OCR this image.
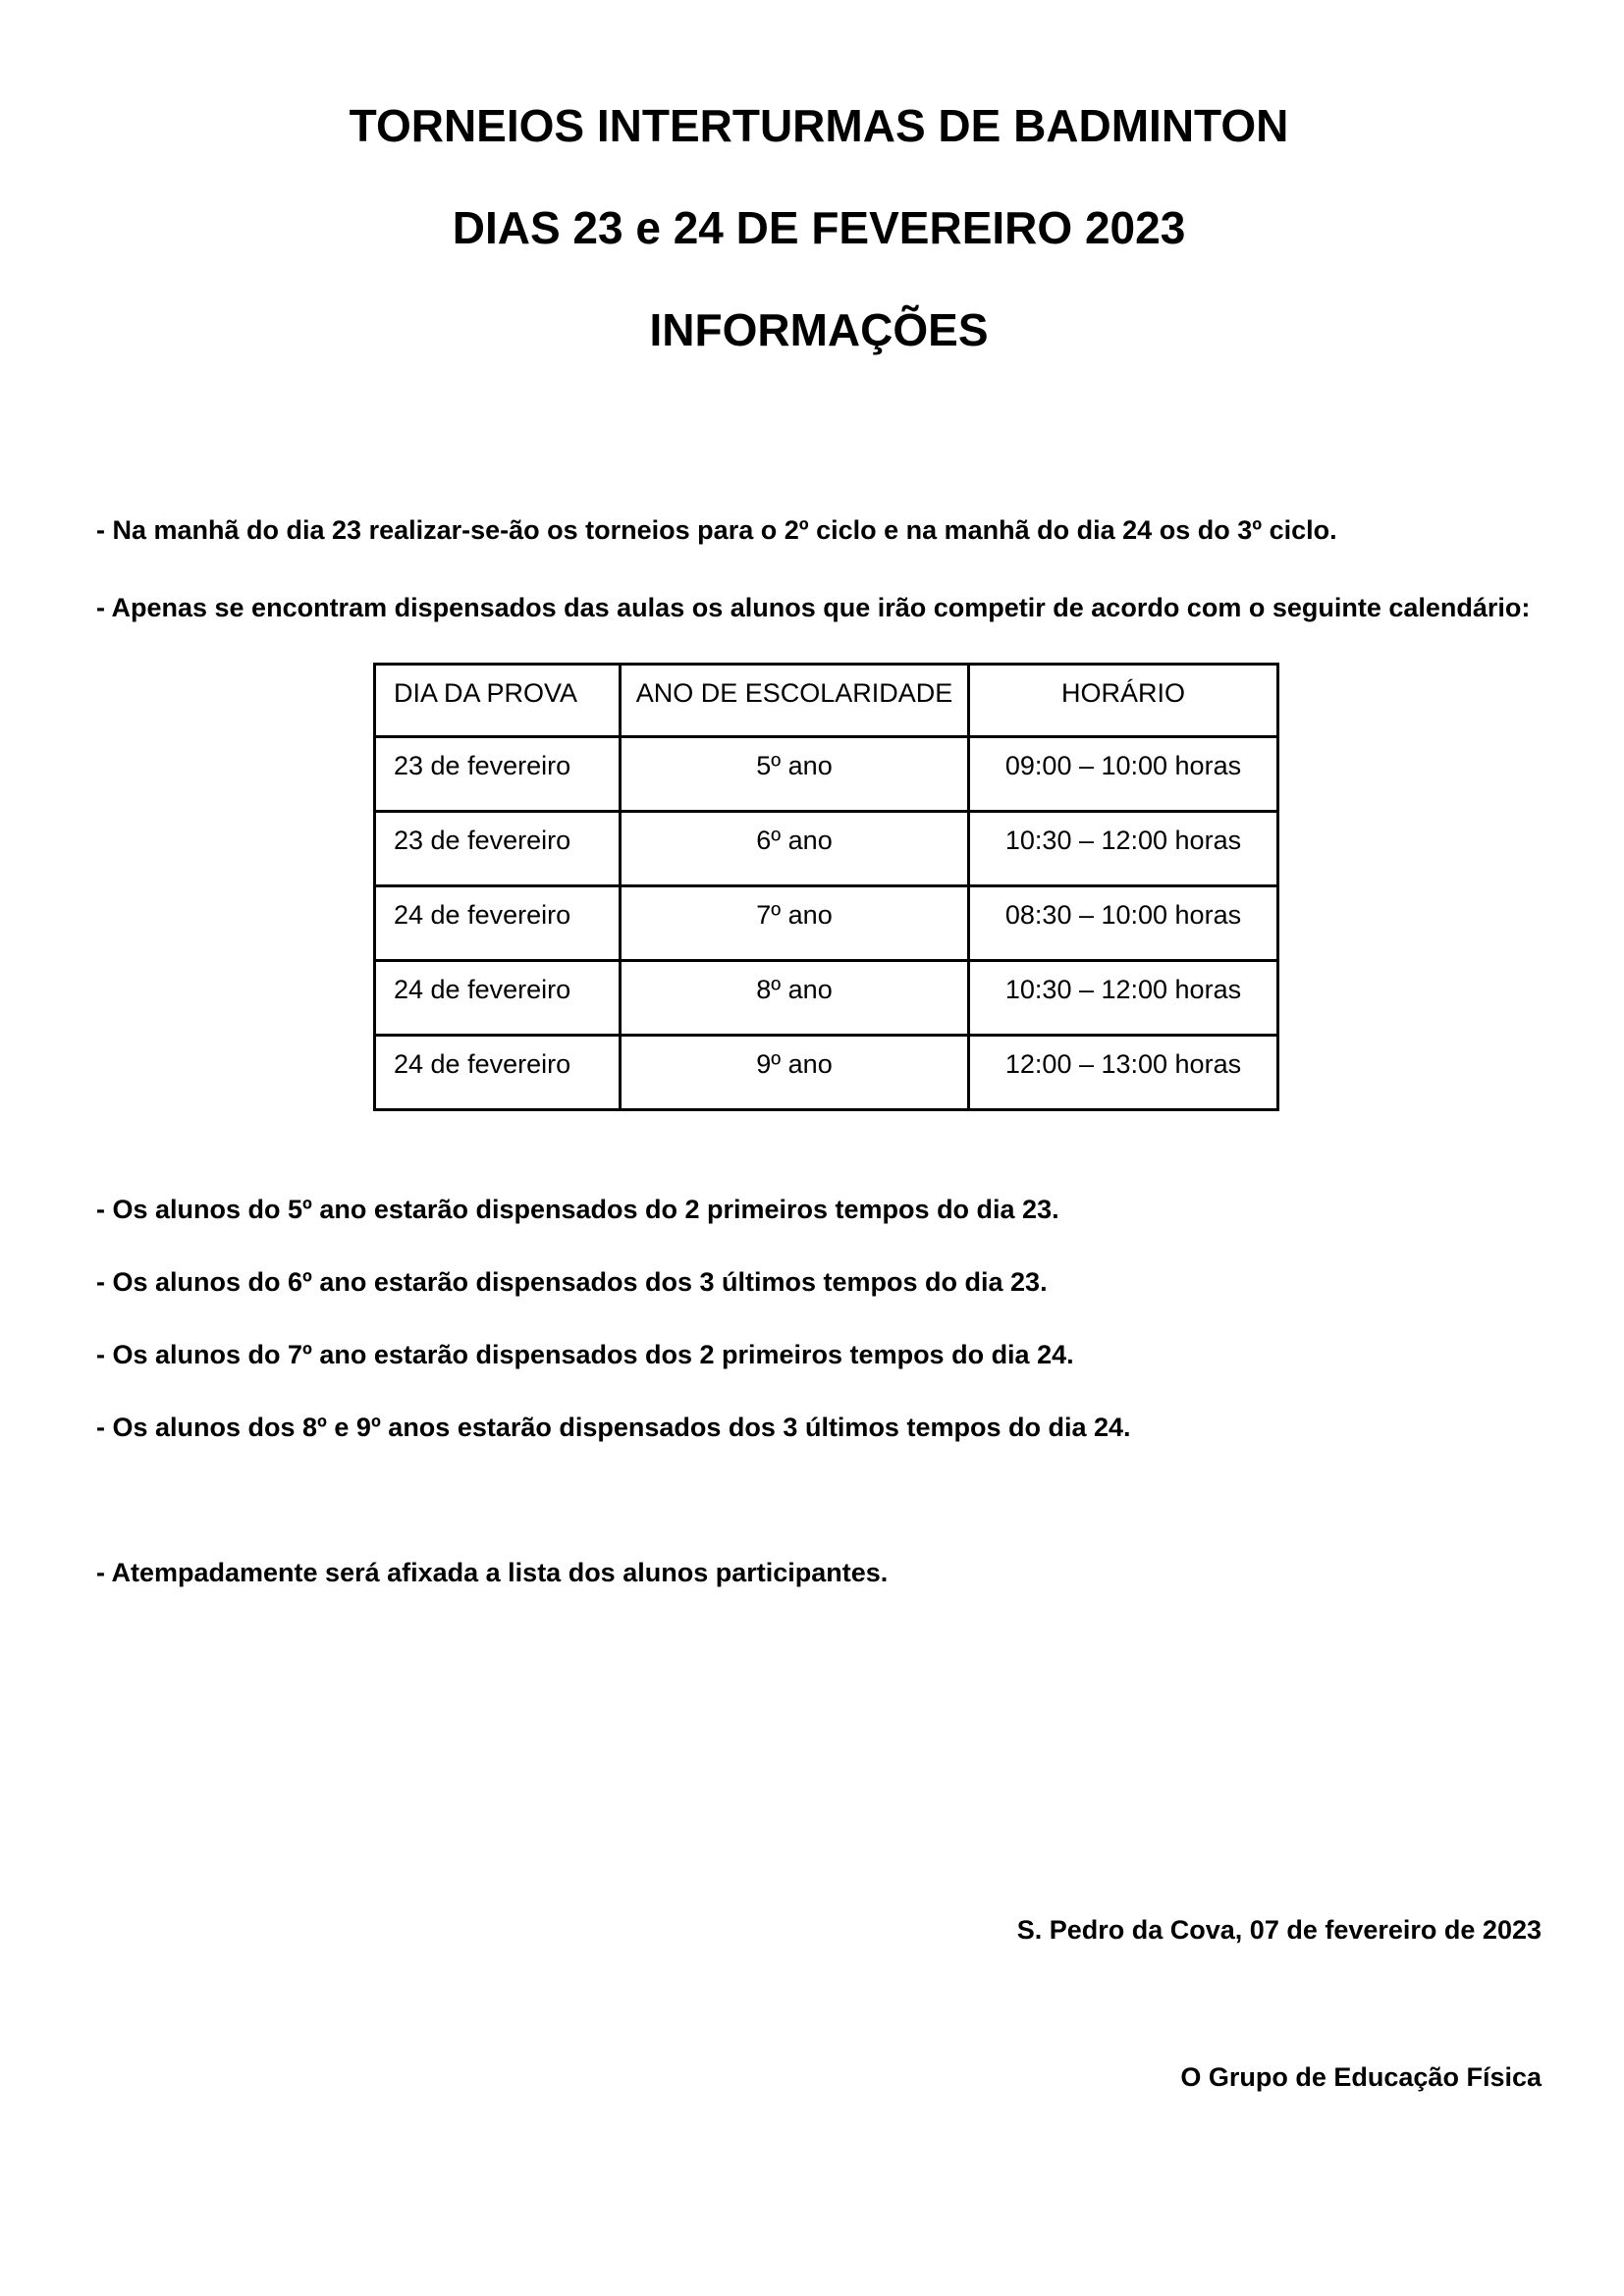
TORNEIOS INTERTURMAS DE BADMINTON
DIAS 23 e 24 DE FEVEREIRO 2023
INFORMAÇÕES

- Na manhã do dia 23 realizar-se-ão os torneios para o 2º ciclo e na manhã do dia 24 os do 3º ciclo.

- Apenas se encontram dispensados das aulas os alunos que irão competir de acordo com o seguinte calendário:

DIA DA PROVA	ANO DE ESCOLARIDADE	HORÁRIO
23 de fevereiro	5º ano	09:00 – 10:00 horas
23 de fevereiro	6º ano	10:30 – 12:00 horas
24 de fevereiro	7º ano	08:30 – 10:00 horas
24 de fevereiro	8º ano	10:30 – 12:00 horas
24 de fevereiro	9º ano	12:00 – 13:00 horas

- Os alunos do 5º ano estarão dispensados do 2 primeiros tempos do dia 23.

- Os alunos do 6º ano estarão dispensados dos 3 últimos tempos do dia 23.

- Os alunos do 7º ano estarão dispensados dos 2 primeiros tempos do dia 24.

- Os alunos dos 8º e 9º anos estarão dispensados dos 3 últimos tempos do dia 24.

- Atempadamente será afixada a lista dos alunos participantes.

S. Pedro da Cova, 07 de fevereiro de 2023

O Grupo de Educação Física
